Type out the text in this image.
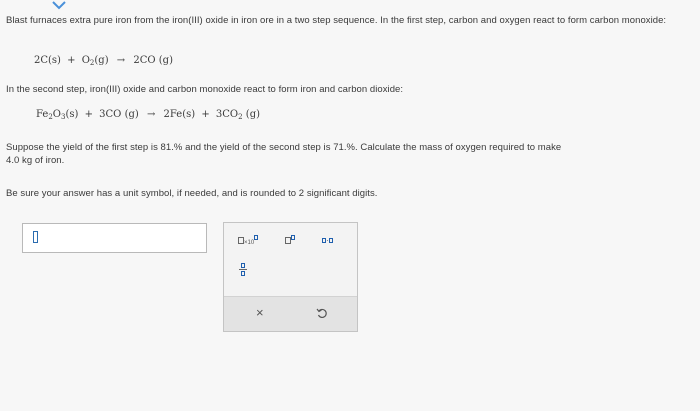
Blast furnaces extra pure iron from the iron(III) oxide in iron ore in a two step sequence. In the first step, carbon and oxygen react to form carbon monoxide:

$2C(s) + O_2(g) \to 2CO$ (g)

In the second step, iron(III) oxide and carbon monoxide react to form iron and carbon dioxide:

$Fe_2O_3(s) + 3CO$ $(g) \to 2Fe(s) + 3CO_2$ (g)

Suppose the yield of the first step is 81.% and the yield of the second step is 71.%. Calculate the mass of oxygen required to make

4.0 kg of iron.

Be sure your answer has a unit symbol, if needed, and is rounded to 2 significant digits.

×10	·
×
